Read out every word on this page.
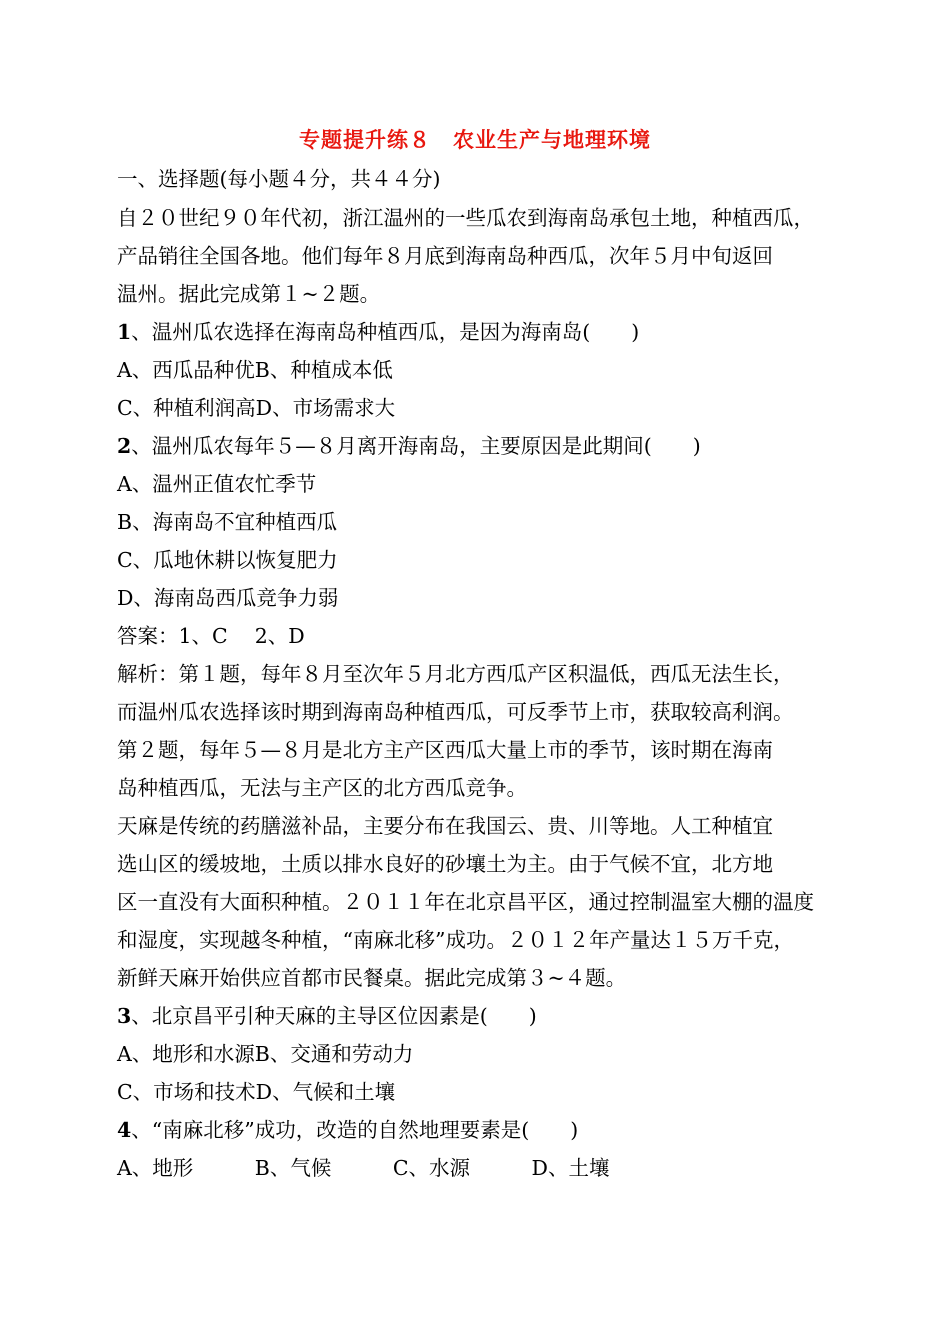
专题提升练８　农业生产与地理环境
一、选择题(每小题４分，共４４分)
自２０世纪９０年代初，浙江温州的一些瓜农到海南岛承包土地，种植西瓜，
产品销往全国各地。他们每年８月底到海南岛种西瓜，次年５月中旬返回
温州。据此完成第１~２题。
1、温州瓜农选择在海南岛种植西瓜，是因为海南岛(　　)
A、西瓜品种优B、种植成本低
C、种植利润高D、市场需求大
2、温州瓜农每年５—８月离开海南岛，主要原因是此期间(　　)
A、温州正值农忙季节
B、海南岛不宜种植西瓜
C、瓜地休耕以恢复肥力
D、海南岛西瓜竞争力弱
答案：1、C　 2、D
解析：第１题，每年８月至次年５月北方西瓜产区积温低，西瓜无法生长，
而温州瓜农选择该时期到海南岛种植西瓜，可反季节上市，获取较高利润。
第２题，每年５—８月是北方主产区西瓜大量上市的季节，该时期在海南
岛种植西瓜，无法与主产区的北方西瓜竞争。
天麻是传统的药膳滋补品，主要分布在我国云、贵、川等地。人工种植宜
选山区的缓坡地，土质以排水良好的砂壤土为主。由于气候不宜，北方地
区一直没有大面积种植。２０１１年在北京昌平区，通过控制温室大棚的温度
和湿度，实现越冬种植，“南麻北移”成功。２０１２年产量达１５万千克，
新鲜天麻开始供应首都市民餐桌。据此完成第３~４题。
3、北京昌平引种天麻的主导区位因素是(　　)
A、地形和水源B、交通和劳动力
C、市场和技术D、气候和土壤
4、“南麻北移”成功，改造的自然地理要素是(　　)
A、地形　　　B、气候　　　C、水源　　　D、土壤
